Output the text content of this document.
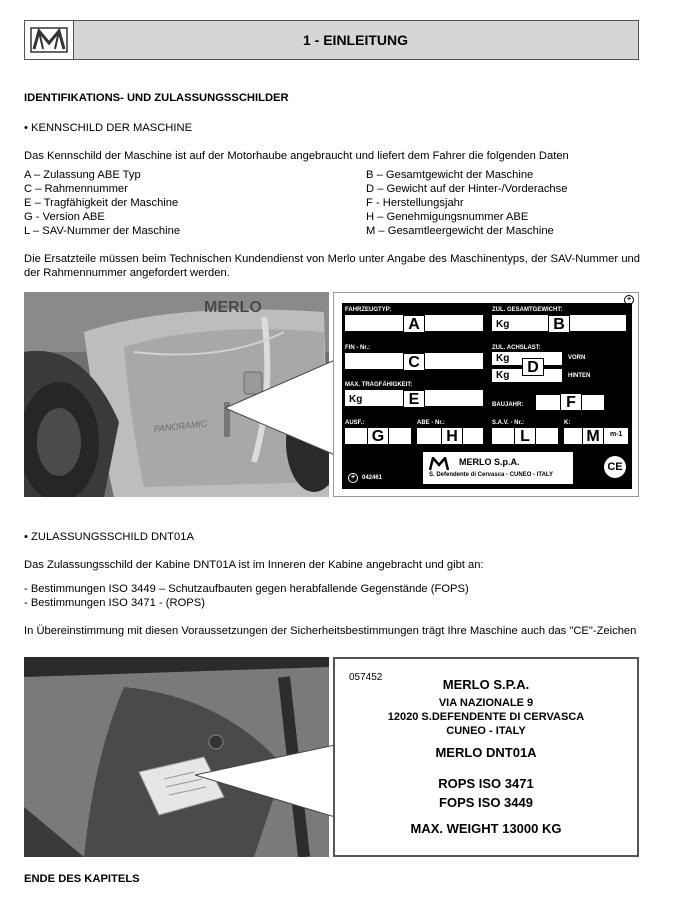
1 - EINLEITUNG
IDENTIFIKATIONS- UND ZULASSUNGSSCHILDER
• KENNSCHILD DER MASCHINE
Das Kennschild der Maschine ist auf der Motorhaube angebraucht und liefert dem Fahrer die folgenden Daten
A – Zulassung ABE Typ
C – Rahmennummer
E – Tragfähigkeit der Maschine
G - Version ABE
L – SAV-Nummer der Maschine
B – Gesamtgewicht der Maschine
D – Gewicht auf der Hinter-/Vorderachse
F - Herstellungsjahr
H – Genehmigungsnummer ABE
M – Gesamtleergewicht der Maschine
Die Ersatzteile müssen beim Technischen Kundendienst von Merlo unter Angabe des Maschinentyps, der SAV-Nummer und der Rahmennummer angefordert werden.
MERLO
PANORAMIC
FAHRZEUGTYP:
A
ZUL. GESAMTGEWICHT:
Kg	B
FIN - Nr.:
C
ZUL. ACHSLAST:
Kg	VORN
Kg	HINTEN
D
MAX. TRAGFÄHIGKEIT:
Kg	E	BAUJAHR:	F
AUSF.:
G
ABE - Nr.:
H
S.A.V. - Nr.:
L
K:
M	m-1
+	042461
MERLO S.p.A.
S. Defendente di Cervasca - CUNEO - ITALY
CE
+
• ZULASSUNGSSCHILD DNT01A
Das Zulassungsschild der Kabine DNT01A ist im Inneren der Kabine angebracht und gibt an:
- Bestimmungen ISO 3449 – Schutzaufbauten gegen herabfallende Gegenstände (FOPS)
- Bestimmungen ISO 3471 - (ROPS)
In Übereinstimmung mit diesen Voraussetzungen der Sicherheitsbestimmungen trägt Ihre Maschine auch das "CE"-Zeichen
057452	MERLO S.P.A.
VIA NAZIONALE 9
12020 S.DEFENDENTE DI CERVASCA
CUNEO - ITALY
MERLO DNT01A
ROPS ISO 3471
FOPS ISO 3449
MAX. WEIGHT 13000 KG
ENDE DES KAPITELS
